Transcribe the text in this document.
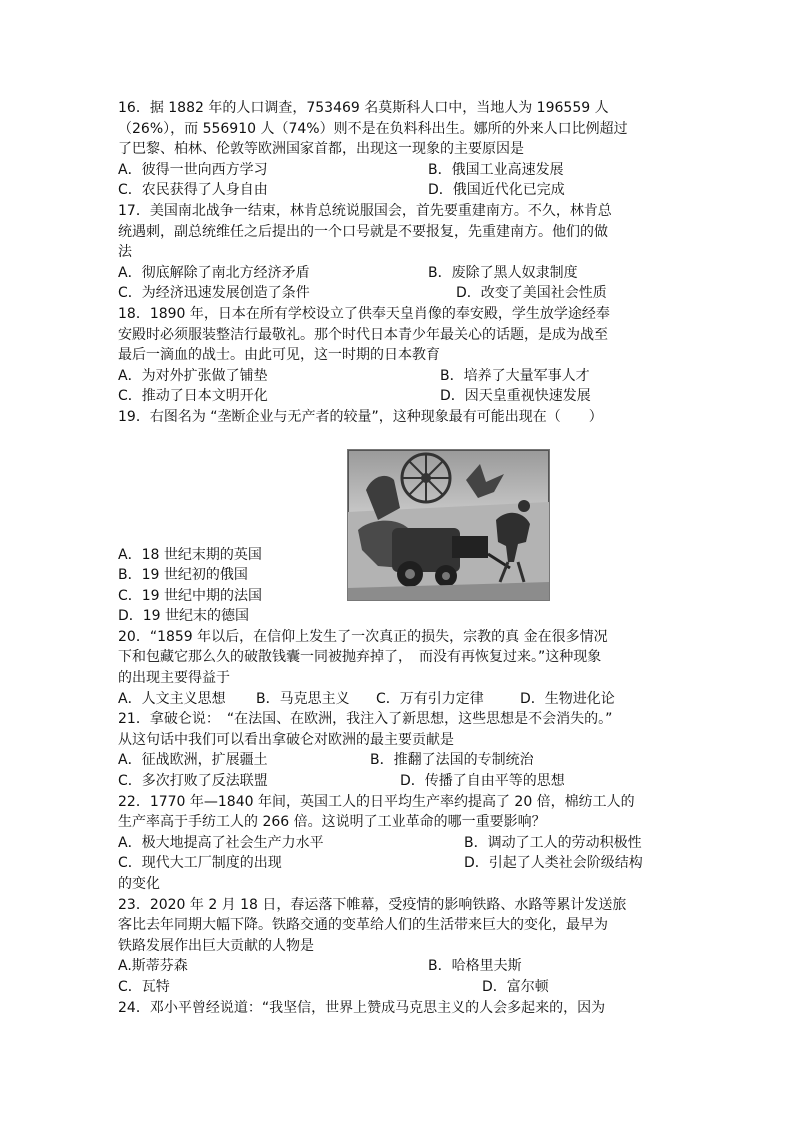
16．据 1882 年的人口调查，753469 名莫斯科人口中，当地人为 196559 人
（26%），而 556910 人（74%）则不是在负料科出生。娜所的外来人口比例超过
了巴黎、柏林、伦敦等欧洲国家首都，出现这一现象的主要原因是
A．彼得一世向西方学习	B．俄国工业高速发展
C．农民获得了人身自由	D．俄国近代化已完成
17．美国南北战争一结束，林肯总统说服国会，首先要重建南方。不久，林肯总
统遇刺，副总统维任之后提出的一个口号就是不要报复，先重建南方。他们的做
法
A．彻底解除了南北方经济矛盾	B．废除了黑人奴隶制度
C．为经济迅速发展创造了条件	D．改变了美国社会性质
18．1890 年，日本在所有学校设立了供奉天皇肖像的奉安殿，学生放学途经奉
安殿时必须服装整洁行最敬礼。那个时代日本青少年最关心的话题，是成为战至
最后一滴血的战士。由此可见，这一时期的日本教育
A．为对外扩张做了铺垫	B．培养了大量军事人才
C．推动了日本文明开化	D．因天皇重视快速发展
19．右图名为 “垄断企业与无产者的较量”，这种现象最有可能出现在（　　）
A．18 世纪末期的英国
B．19 世纪初的俄国
C．19 世纪中期的法国
D．19 世纪末的德国
20．“1859 年以后，在信仰上发生了一次真正的损失，宗教的真 金在很多情况
下和包藏它那么久的破散钱囊一同被抛弃掉了，　而没有再恢复过来。”这种现象
的出现主要得益于
A．人文主义思想 B．马克思主义 C．万有引力定律	D．生物进化论
21．拿破仑说：　“在法国、在欧洲，我注入了新思想，这些思想是不会消失的。”
从这句话中我们可以看出拿破仑对欧洲的最主要贡献是
A．征战欧洲，扩展疆土	B．推翻了法国的专制统治
C．多次打败了反法联盟	D．传播了自由平等的思想
22．1770 年—1840 年间，英国工人的日平均生产率约提高了 20 倍，棉纺工人的
生产率高于手纺工人的 266 倍。这说明了工业革命的哪一重要影响？
A．极大地提高了社会生产力水平	B．调动了工人的劳动积极性
C．现代大工厂制度的出现	D．引起了人类社会阶级结构
的变化
23．2020 年 2 月 18 日，春运落下帷幕，受疫情的影响铁路、水路等累计发送旅
客比去年同期大幅下降。铁路交通的变革给人们的生活带来巨大的变化，最早为
铁路发展作出巨大贡献的人物是
A.斯蒂芬森	B．哈格里夫斯
C．瓦特	D．富尔顿
24．邓小平曾经说道：“我坚信，世界上赞成马克思主义的人会多起来的，因为
